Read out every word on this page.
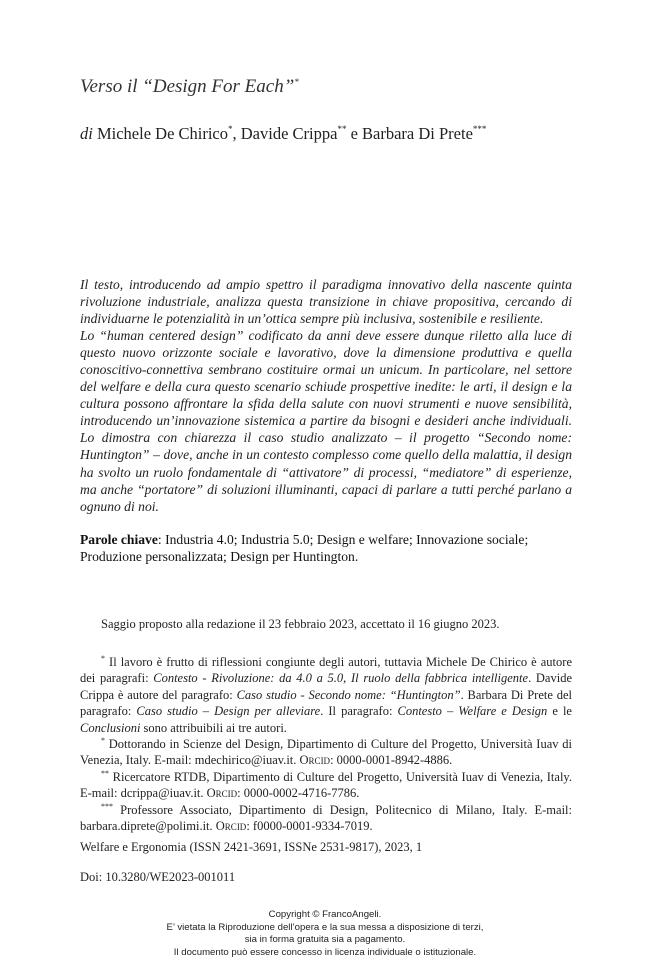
Verso il “Design For Each”*

di Michele De Chirico*, Davide Crippa** e Barbara Di Prete***

Il testo, introducendo ad ampio spettro il paradigma innovativo della nascente quinta rivoluzione industriale, analizza questa transizione in chiave propositiva, cercando di individuarne le potenzialità in un’ottica sempre più inclusiva, sostenibile e resiliente.

Lo “human centered design” codificato da anni deve essere dunque riletto alla luce di questo nuovo orizzonte sociale e lavorativo, dove la dimensione produttiva e quella conoscitivo-connettiva sembrano costituire ormai un unicum. In particolare, nel settore del welfare e della cura questo scenario schiude prospettive inedite: le arti, il design e la cultura possono affrontare la sfida della salute con nuovi strumenti e nuove sensibilità, introducendo un’innovazione sistemica a partire da bisogni e desideri anche individuali. Lo dimostra con chiarezza il caso studio analizzato – il progetto “Secondo nome: Huntington” – dove, anche in un contesto complesso come quello della malattia, il design ha svolto un ruolo fondamentale di “attivatore” di processi, “mediatore” di esperienze, ma anche “portatore” di soluzioni illuminanti, capaci di parlare a tutti perché parlano a ognuno di noi.

Parole chiave: Industria 4.0; Industria 5.0; Design e welfare; Innovazione sociale; Produzione personalizzata; Design per Huntington.
Saggio proposto alla redazione il 23 febbraio 2023, accettato il 16 giugno 2023.

* Il lavoro è frutto di riflessioni congiunte degli autori, tuttavia Michele De Chirico è autore dei paragrafi: Contesto - Rivoluzione: da 4.0 a 5.0, Il ruolo della fabbrica intelligente. Davide Crippa è autore del paragrafo: Caso studio - Secondo nome: “Huntington”. Barbara Di Prete del paragrafo: Caso studio – Design per alleviare. Il paragrafo: Contesto – Welfare e Design e le Conclusioni sono attribuibili ai tre autori.

* Dottorando in Scienze del Design, Dipartimento di Culture del Progetto, Università Iuav di Venezia, Italy. E-mail: mdechirico@iuav.it. Orcid: 0000-0001-8942-4886.

** Ricercatore RTDB, Dipartimento di Culture del Progetto, Università Iuav di Venezia, Italy. E-mail: dcrippa@iuav.it. Orcid: 0000-0002-4716-7786.

*** Professore Associato, Dipartimento di Design, Politecnico di Milano, Italy. E-mail: barbara.diprete@polimi.it. Orcid: f0000-0001-9334-7019.

Welfare e Ergonomia (ISSN 2421-3691, ISSNe 2531-9817), 2023, 1
Doi: 10.3280/WE2023-001011
Copyright © FrancoAngeli.
E’ vietata la Riproduzione dell’opera e la sua messa a disposizione di terzi,
sia in forma gratuita sia a pagamento.
Il documento può essere concesso in licenza individuale o istituzionale.
